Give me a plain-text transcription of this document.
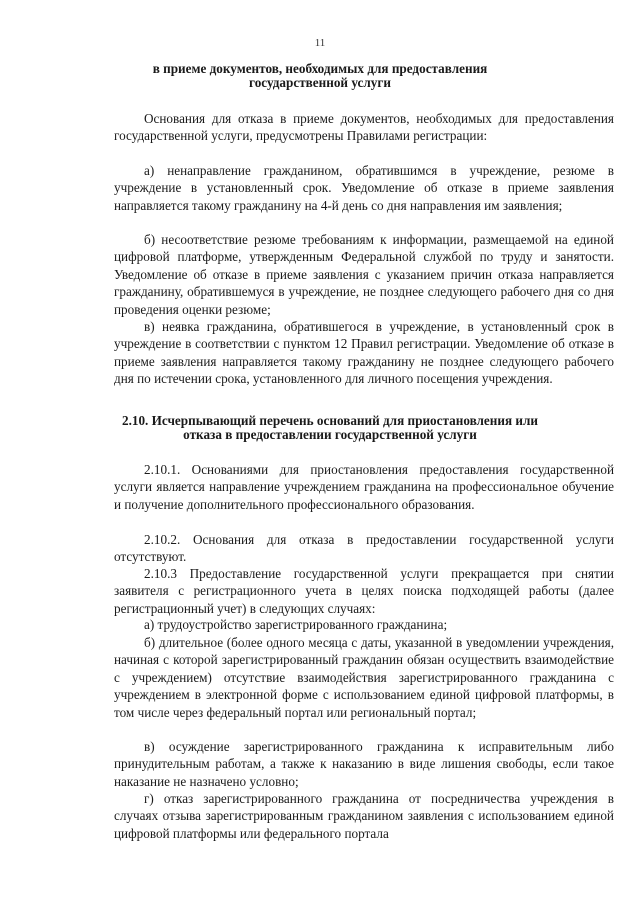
11
в приеме документов, необходимых для предоставления государственной услуги
Основания для отказа в приеме документов, необходимых для предоставления государственной услуги, предусмотрены Правилами регистрации:
а) ненаправление гражданином, обратившимся в учреждение, резюме в учреждение в установленный срок. Уведомление об отказе в приеме заявления направляется такому гражданину на 4-й день со дня направления им заявления;
б) несоответствие резюме требованиям к информации, размещаемой на единой цифровой платформе, утвержденным Федеральной службой по труду и занятости. Уведомление об отказе в приеме заявления с указанием причин отказа направляется гражданину, обратившемуся в учреждение, не позднее следующего рабочего дня со дня проведения оценки резюме;
в) неявка гражданина, обратившегося в учреждение, в установленный срок в учреждение в соответствии с пунктом 12 Правил регистрации. Уведомление об отказе в приеме заявления направляется такому гражданину не позднее следующего рабочего дня по истечении срока, установленного для личного посещения учреждения.
2.10. Исчерпывающий перечень оснований для приостановления или отказа в предоставлении государственной услуги
2.10.1. Основаниями для приостановления предоставления государственной услуги является направление учреждением гражданина на профессиональное обучение и получение дополнительного профессионального образования.
2.10.2. Основания для отказа в предоставлении государственной услуги отсутствуют.
2.10.3 Предоставление государственной услуги прекращается при снятии заявителя с регистрационного учета в целях поиска подходящей работы (далее регистрационный учет) в следующих случаях:
а) трудоустройство зарегистрированного гражданина;
б) длительное (более одного месяца с даты, указанной в уведомлении учреждения, начиная с которой зарегистрированный гражданин обязан осуществить взаимодействие с учреждением) отсутствие взаимодействия зарегистрированного гражданина с учреждением в электронной форме с использованием единой цифровой платформы, в том числе через федеральный портал или региональный портал;
в) осуждение зарегистрированного гражданина к исправительным либо принудительным работам, а также к наказанию в виде лишения свободы, если такое наказание не назначено условно;
г) отказ зарегистрированного гражданина от посредничества учреждения в случаях отзыва зарегистрированным гражданином заявления с использованием единой цифровой платформы или федерального портала
